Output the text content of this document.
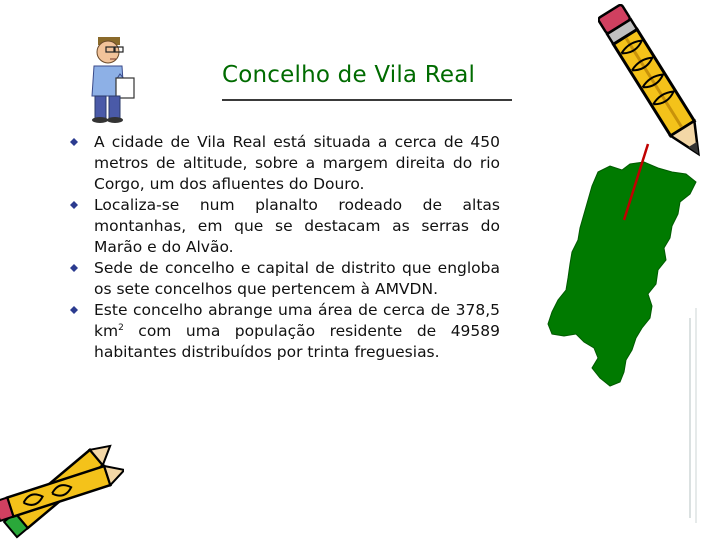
Concelho de Vila Real
A cidade de Vila Real está situada a cerca de 450 metros de altitude, sobre a margem direita do rio Corgo, um dos afluentes do Douro.
Localiza-se num planalto rodeado de altas montanhas, em que se destacam as serras do Marão e do Alvão.
Sede de concelho e capital de distrito que engloba os sete concelhos que pertencem à AMVDN.
Este concelho abrange uma área de cerca de 378,5 $km^2$ com uma população residente de 49589 habitantes distribuídos por trinta freguesias.
